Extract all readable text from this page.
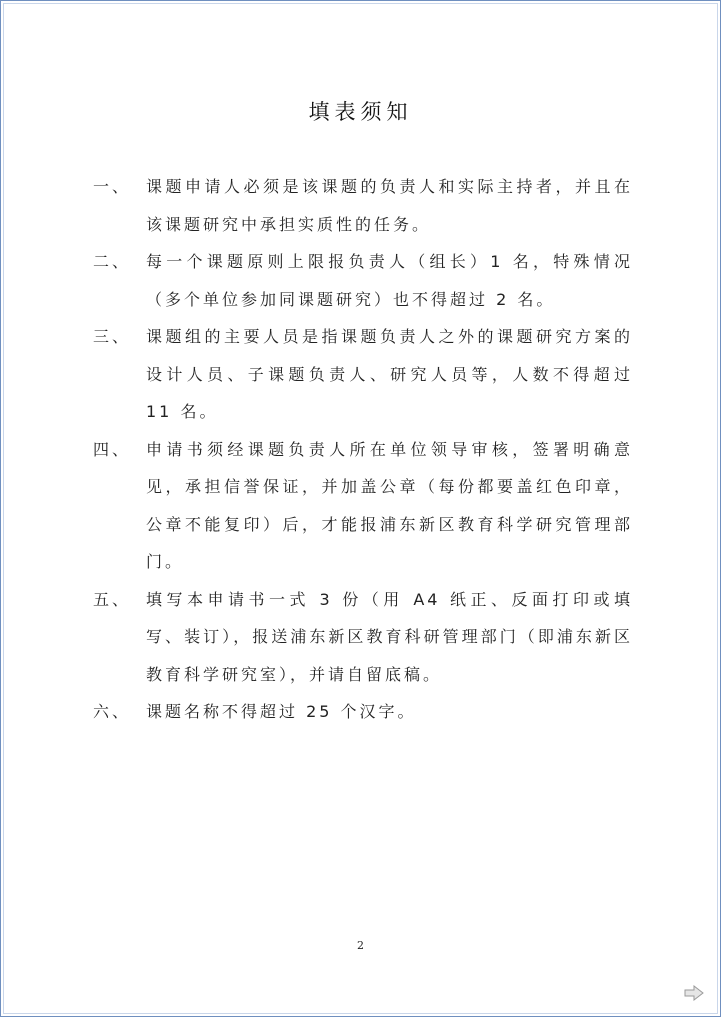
填表须知
一、 课题申请人必须是该课题的负责人和实际主持者，并且在该课题研究中承担实质性的任务。
二、 每一个课题原则上限报负责人（组长）1 名，特殊情况（多个单位参加同课题研究）也不得超过 2 名。
三、 课题组的主要人员是指课题负责人之外的课题研究方案的设计人员、子课题负责人、研究人员等，人数不得超过 11 名。
四、 申请书须经课题负责人所在单位领导审核，签署明确意见，承担信誉保证，并加盖公章（每份都要盖红色印章，公章不能复印）后，才能报浦东新区教育科学研究管理部门。
五、 填写本申请书一式 3 份（用 A4 纸正、反面打印或填写、装订），报送浦东新区教育科研管理部门（即浦东新区教育科学研究室），并请自留底稿。
六、 课题名称不得超过 25 个汉字。
2
